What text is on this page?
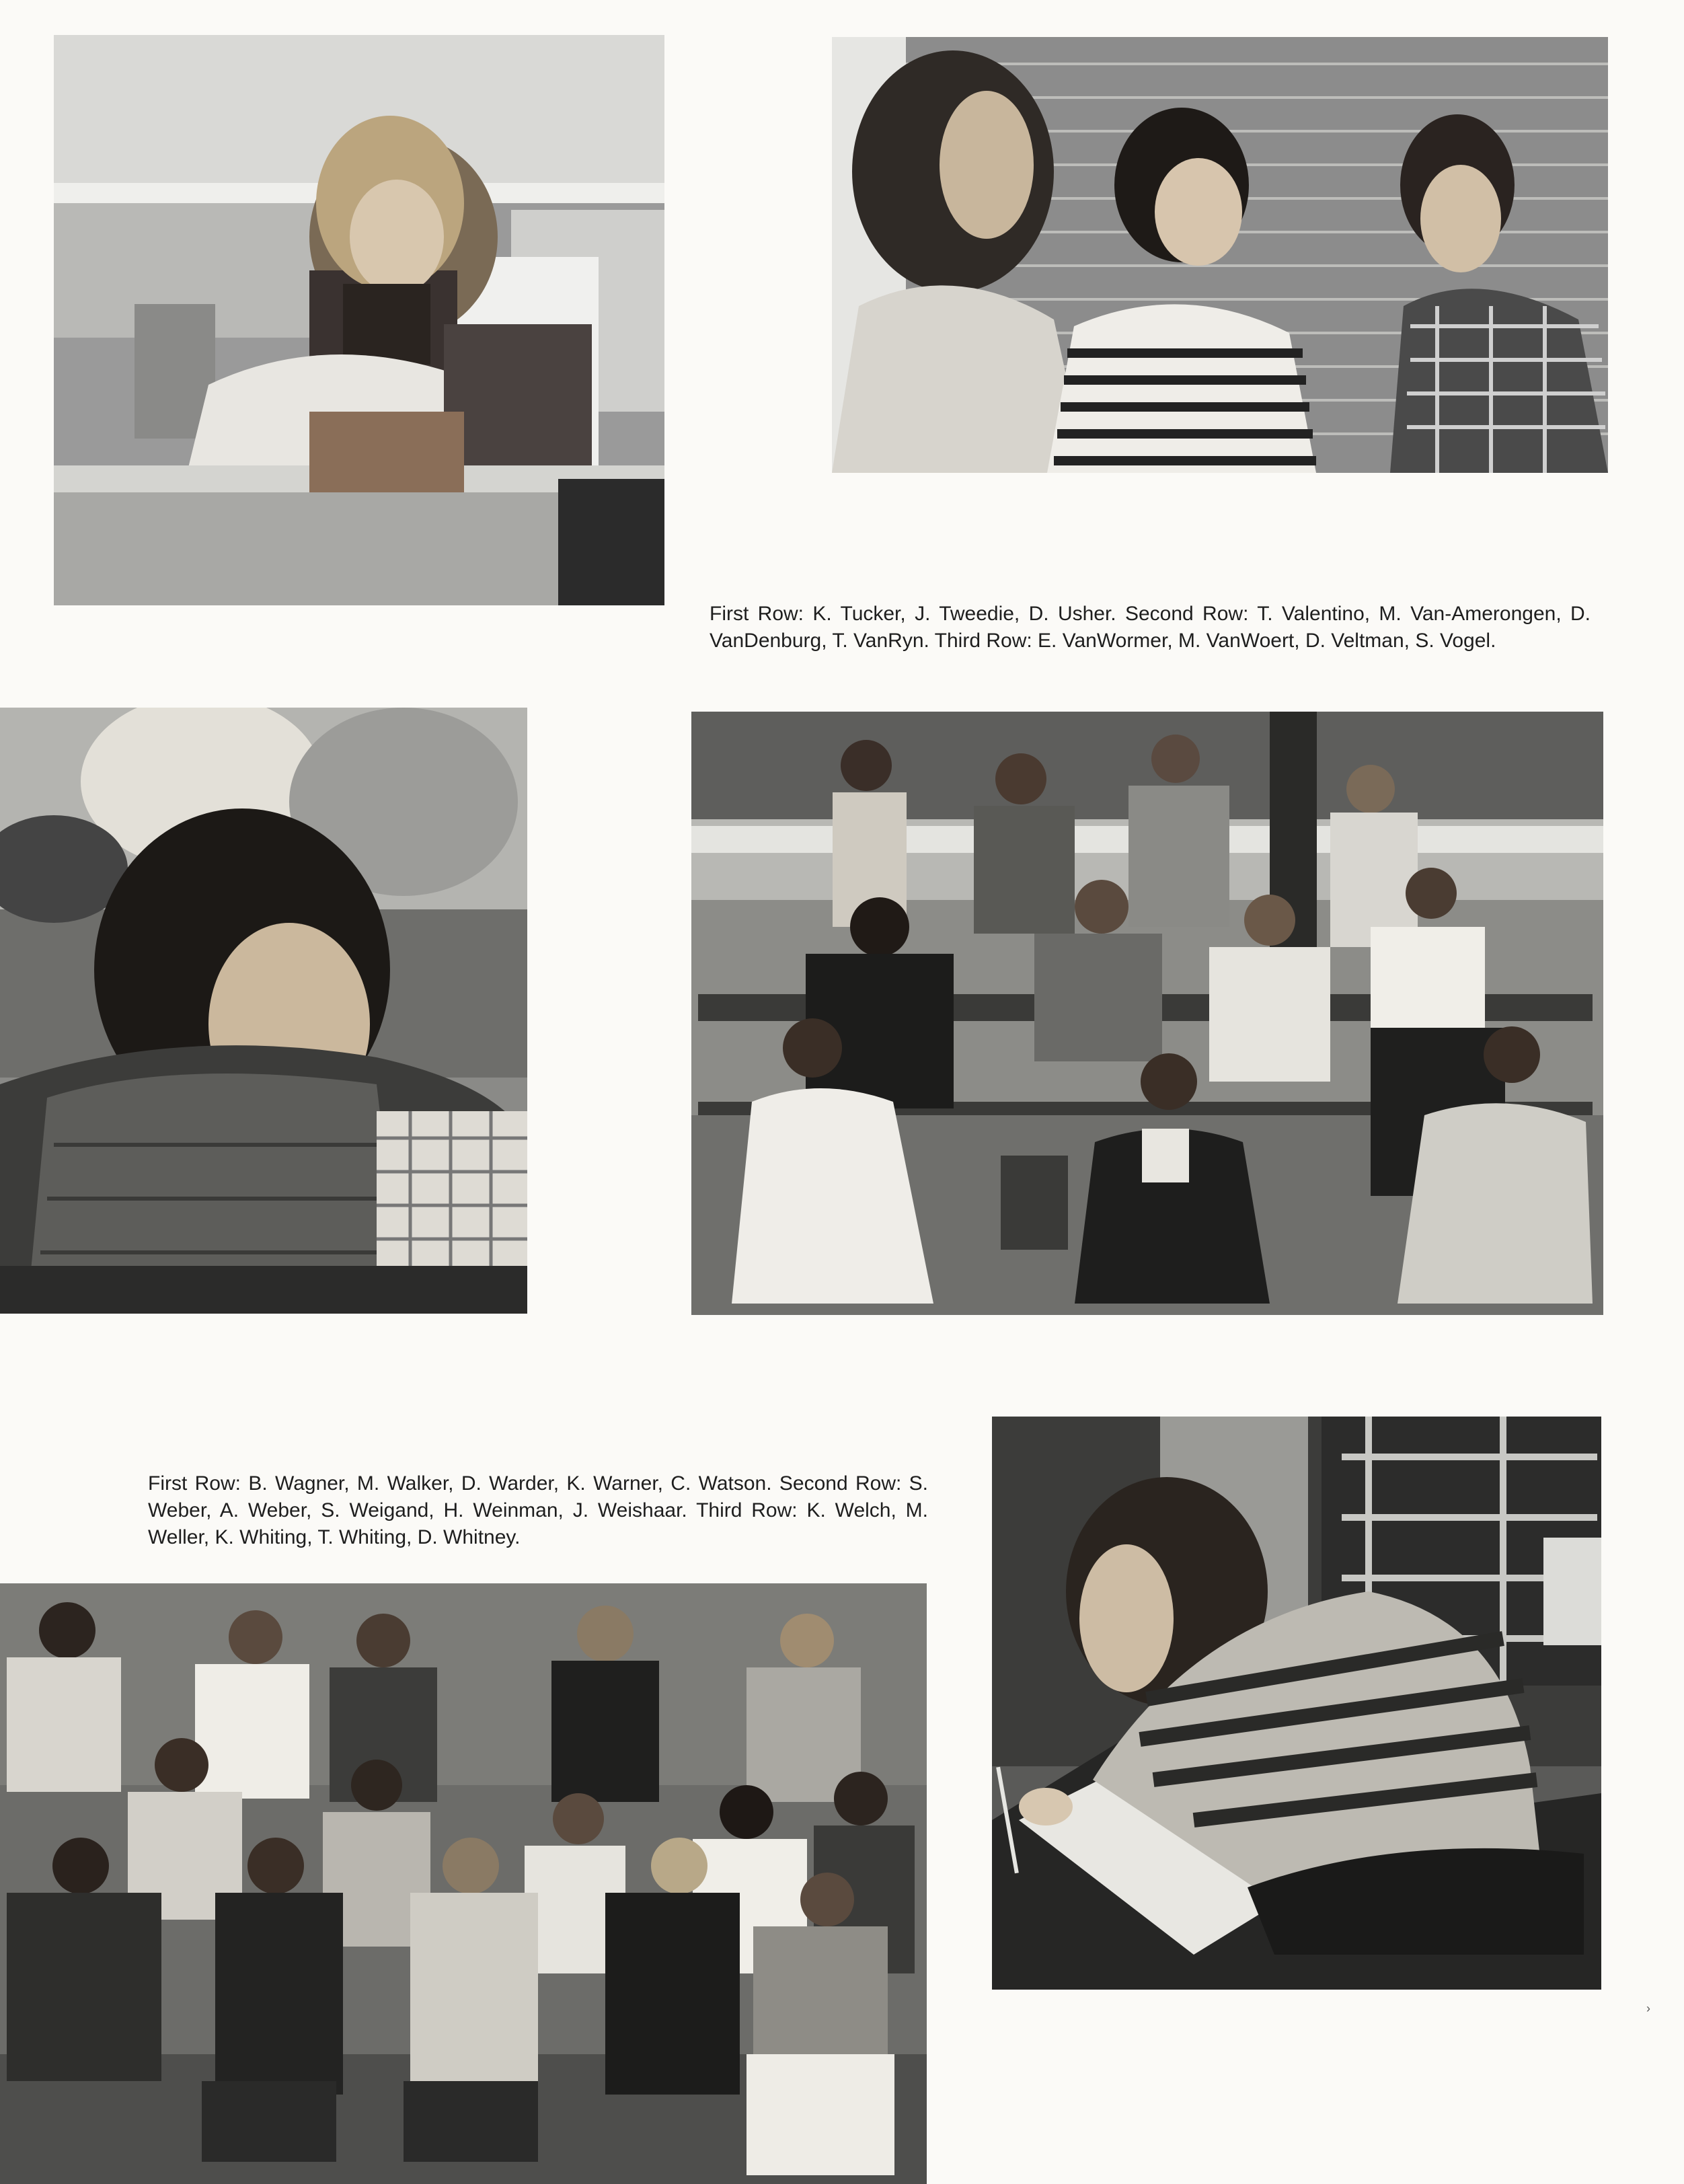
First Row: K. Tucker, J. Tweedie, D. Usher. Second Row: T. Valentino, M. Van-Amerongen, D. VanDenburg, T. VanRyn. Third Row: E. VanWormer, M. VanWoert, D. Veltman, S. Vogel.

First Row: B. Wagner, M. Walker, D. Warder, K. Warner, C. Watson. Second Row: S. Weber, A. Weber, S. Weigand, H. Weinman, J. Weishaar. Third Row: K. Welch, M. Weller, K. Whiting, T. Whiting, D. Whitney.

›
